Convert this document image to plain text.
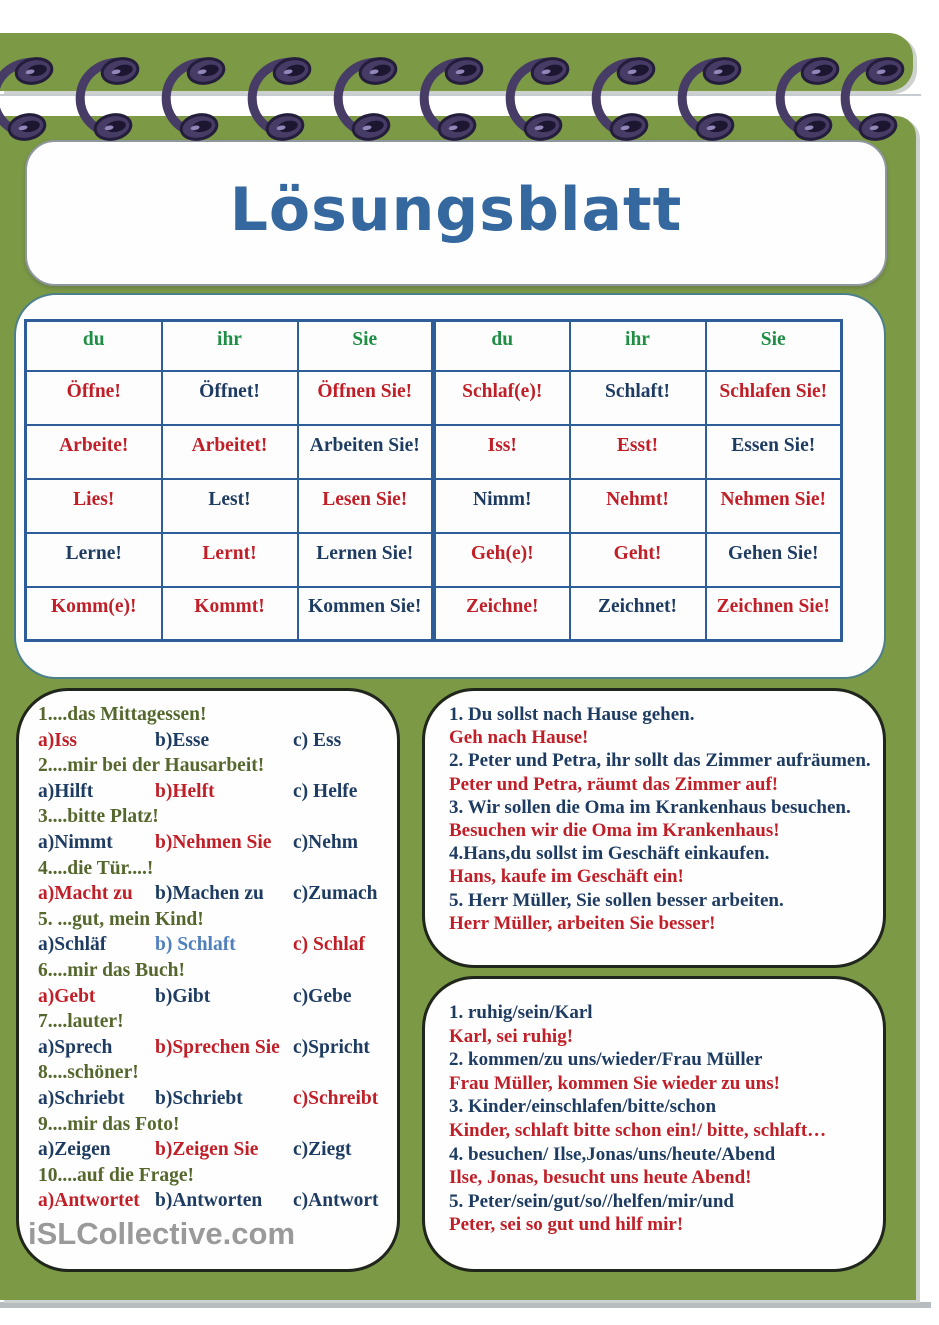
Lösungsblatt
du	ihr	Sie	du	ihr	Sie
Öffne!	Öffnet!	Öffnen Sie!	Schlaf(e)!	Schlaft!	Schlafen Sie!
Arbeite!	Arbeitet!	Arbeiten Sie!	Iss!	Esst!	Essen Sie!
Lies!	Lest!	Lesen Sie!	Nimm!	Nehmt!	Nehmen Sie!
Lerne!	Lernt!	Lernen Sie!	Geh(e)!	Geht!	Gehen Sie!
Komm(e)!	Kommt!	Kommen Sie!	Zeichne!	Zeichnet!	Zeichnen Sie!
1....das Mittagessen!
a)Iss	b)Esse	c) Ess
2....mir bei der Hausarbeit!
a)Hilft	b)Helft	c) Helfe
3....bitte Platz!
a)Nimmt	b)Nehmen Sie	c)Nehm
4....die Tür....!
a)Macht zu	b)Machen zu	c)Zumach
5. ...gut, mein Kind!
a)Schläf	b) Schlaft	c) Schlaf
6....mir das Buch!
a)Gebt	b)Gibt	c)Gebe
7....lauter!
a)Sprech	b)Sprechen Sie c)Spricht
8....schöner!
a)Schriebt	b)Schriebt	c)Schreibt
9....mir das Foto!
a)Zeigen	b)Zeigen Sie	c)Ziegt
10....auf die Frage!
a)Antwortet b)Antworten	c)Antwort
1. Du sollst nach Hause gehen.
Geh nach Hause!
2. Peter und Petra, ihr sollt das Zimmer aufräumen.
Peter und Petra, räumt das Zimmer auf!
3. Wir sollen die Oma im Krankenhaus besuchen.
Besuchen wir die Oma im Krankenhaus!
4.Hans,du sollst im Geschäft einkaufen.
Hans, kaufe im Geschäft ein!
5. Herr Müller, Sie sollen besser arbeiten.
Herr Müller, arbeiten Sie besser!
1. ruhig/sein/Karl
Karl, sei ruhig!
2. kommen/zu uns/wieder/Frau Müller
Frau Müller, kommen Sie wieder zu uns!
3. Kinder/einschlafen/bitte/schon
Kinder, schlaft bitte schon ein!/ bitte, schlaft…
4. besuchen/ Ilse,Jonas/uns/heute/Abend
Ilse, Jonas, besucht uns heute Abend!
5. Peter/sein/gut/so//helfen/mir/und
Peter, sei so gut und hilf mir!
iSLCollective.com
